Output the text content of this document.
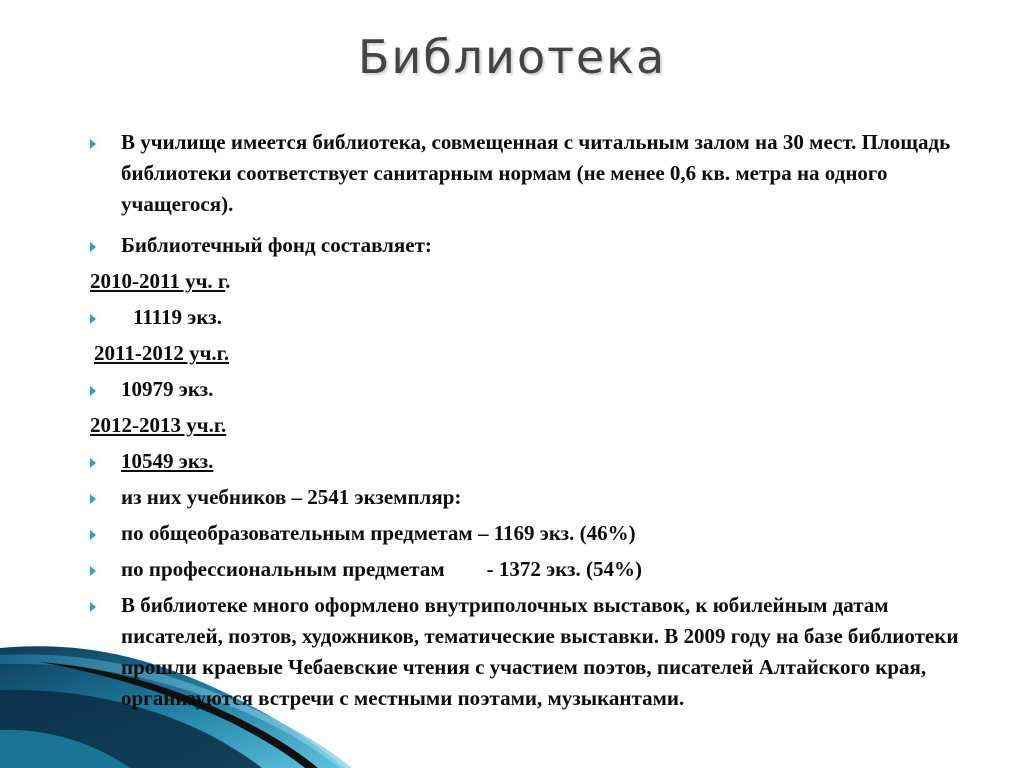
Библиотека
В училище имеется библиотека, совмещенная с читальным залом на 30 мест. Площадь библиотеки соответствует санитарным нормам (не менее 0,6 кв. метра на одного учащегося).
Библиотечный фонд составляет:
2010-2011 уч. г.
11119 экз.
2011-2012 уч.г.
10979 экз.
2012-2013 уч.г.
10549 экз.
из них учебников – 2541 экземпляр:
по общеобразовательным предметам – 1169 экз. (46%)
по профессиональным предметам        - 1372 экз. (54%)
В библиотеке много оформлено внутриполочных выставок, к юбилейным датам писателей, поэтов, художников, тематические выставки. В 2009 году на базе библиотеки прошли краевые Чебаевские чтения с участием поэтов, писателей Алтайского края, организуются встречи с местными поэтами, музыкантами.
